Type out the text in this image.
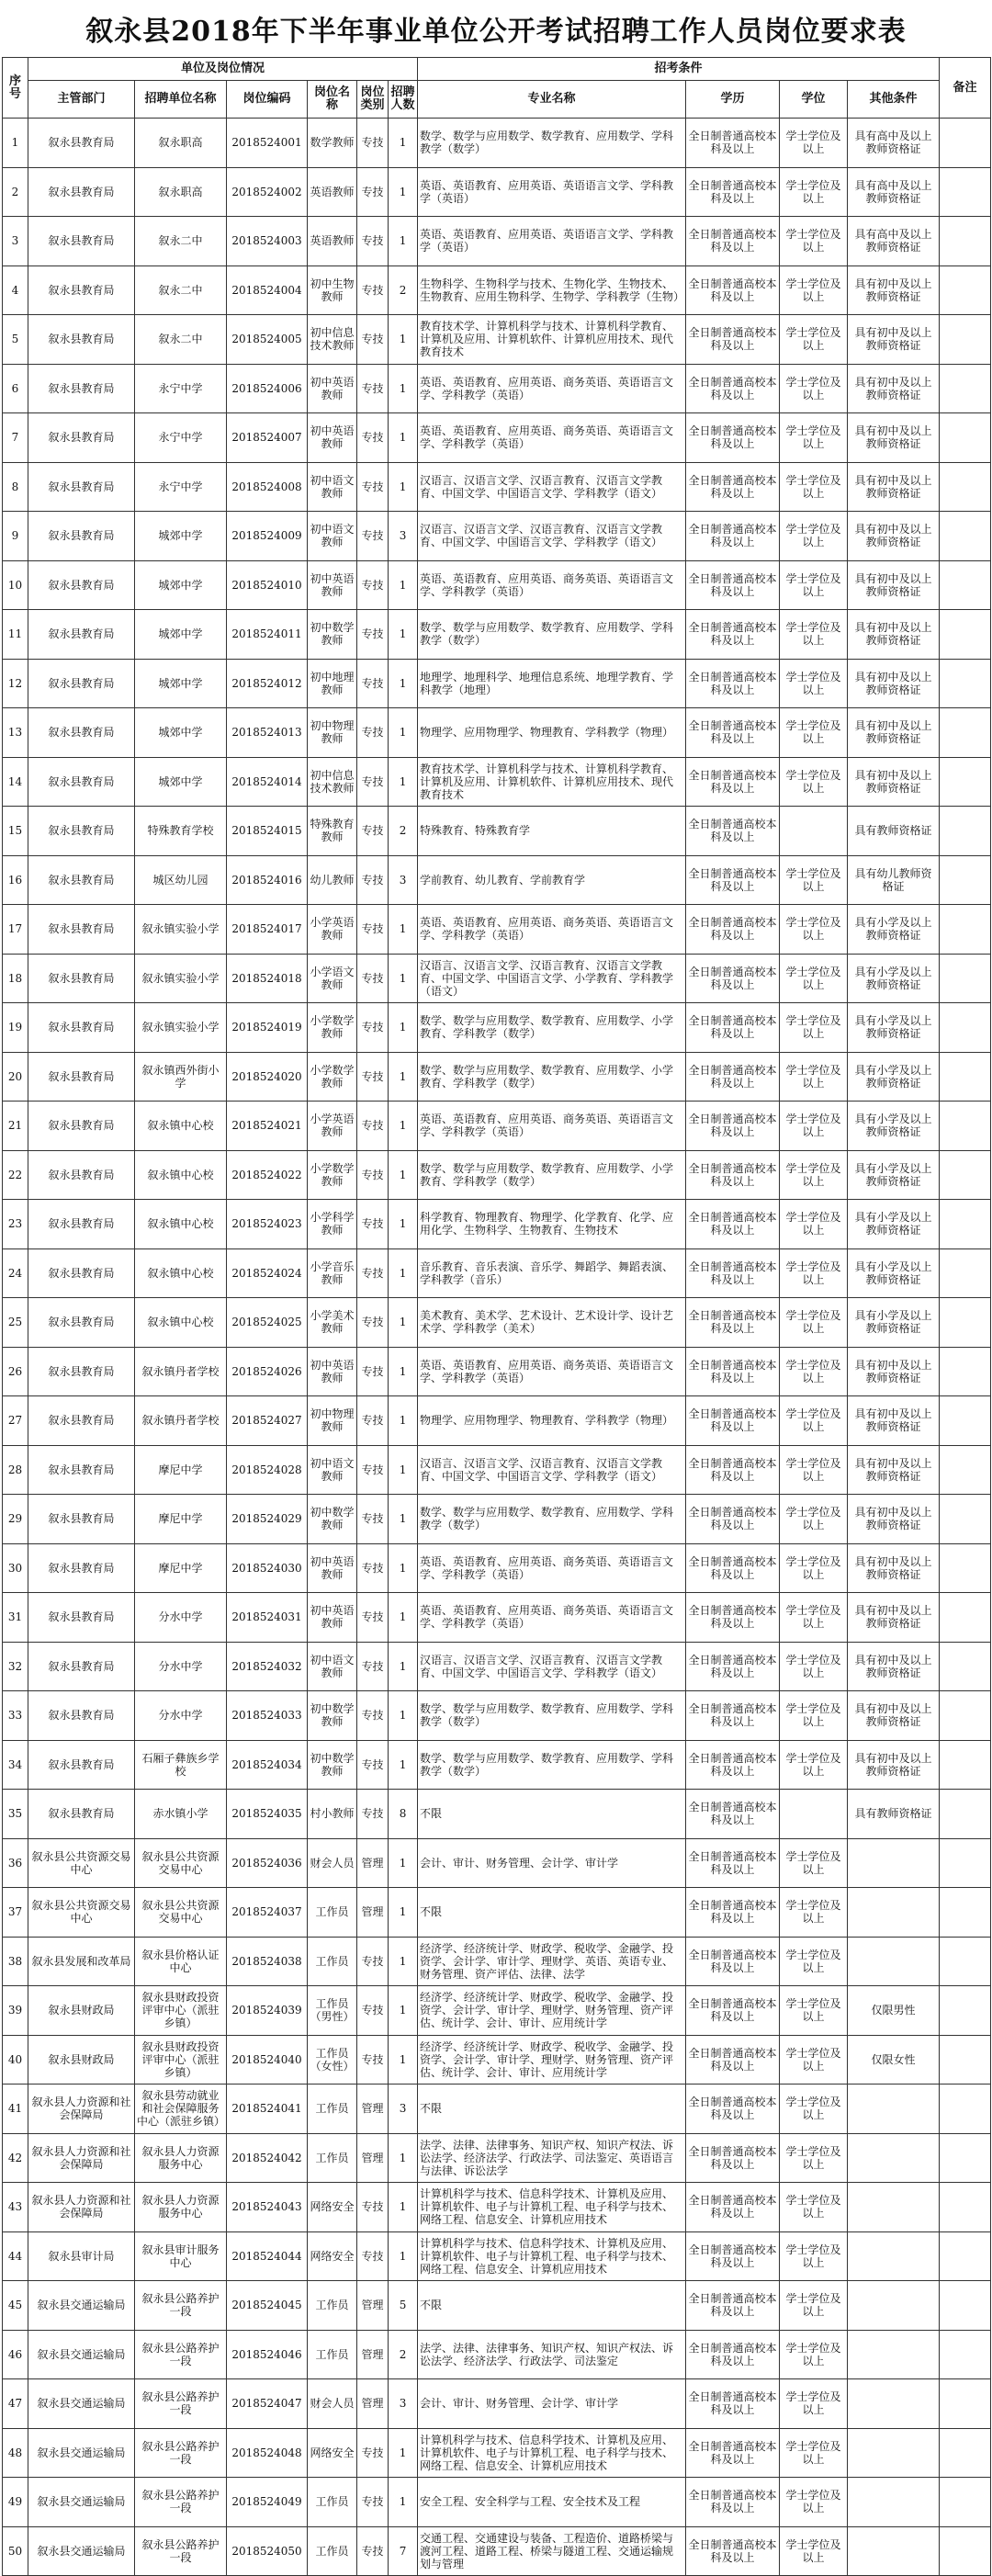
叙永县2018年下半年事业单位公开考试招聘工作人员岗位要求表
序号	单位及岗位情况						招考条件				备注
	主管部门	招聘单位名称	岗位编码	岗位名称	岗位类别	招聘人数	专业名称	学历	学位	其他条件	
1	叙永县教育局	叙永职高	2018524001	数学教师	专技	1	数学、数学与应用数学、数学教育、应用数学、学科教学（数学）	全日制普通高校本科及以上	学士学位及以上	具有高中及以上教师资格证	
2	叙永县教育局	叙永职高	2018524002	英语教师	专技	1	英语、英语教育、应用英语、英语语言文学、学科教学（英语）	全日制普通高校本科及以上	学士学位及以上	具有高中及以上教师资格证	
3	叙永县教育局	叙永二中	2018524003	英语教师	专技	1	英语、英语教育、应用英语、英语语言文学、学科教学（英语）	全日制普通高校本科及以上	学士学位及以上	具有高中及以上教师资格证	
4	叙永县教育局	叙永二中	2018524004	初中生物教师	专技	2	生物科学、生物科学与技术、生物化学、生物技术、生物教育、应用生物科学、生物学、学科教学（生物）	全日制普通高校本科及以上	学士学位及以上	具有初中及以上教师资格证	
5	叙永县教育局	叙永二中	2018524005	初中信息技术教师	专技	1	教育技术学、计算机科学与技术、计算机科学教育、计算机及应用、计算机软件、计算机应用技术、现代教育技术	全日制普通高校本科及以上	学士学位及以上	具有初中及以上教师资格证	
6	叙永县教育局	永宁中学	2018524006	初中英语教师	专技	1	英语、英语教育、应用英语、商务英语、英语语言文学、学科教学（英语）	全日制普通高校本科及以上	学士学位及以上	具有初中及以上教师资格证	
7	叙永县教育局	永宁中学	2018524007	初中英语教师	专技	1	英语、英语教育、应用英语、商务英语、英语语言文学、学科教学（英语）	全日制普通高校本科及以上	学士学位及以上	具有初中及以上教师资格证	
8	叙永县教育局	永宁中学	2018524008	初中语文教师	专技	1	汉语言、汉语言文学、汉语言教育、汉语言文学教育、中国文学、中国语言文学、学科教学（语文）	全日制普通高校本科及以上	学士学位及以上	具有初中及以上教师资格证	
9	叙永县教育局	城郊中学	2018524009	初中语文教师	专技	3	汉语言、汉语言文学、汉语言教育、汉语言文学教育、中国文学、中国语言文学、学科教学（语文）	全日制普通高校本科及以上	学士学位及以上	具有初中及以上教师资格证	
10	叙永县教育局	城郊中学	2018524010	初中英语教师	专技	1	英语、英语教育、应用英语、商务英语、英语语言文学、学科教学（英语）	全日制普通高校本科及以上	学士学位及以上	具有初中及以上教师资格证	
11	叙永县教育局	城郊中学	2018524011	初中数学教师	专技	1	数学、数学与应用数学、数学教育、应用数学、学科教学（数学）	全日制普通高校本科及以上	学士学位及以上	具有初中及以上教师资格证	
12	叙永县教育局	城郊中学	2018524012	初中地理教师	专技	1	地理学、地理科学、地理信息系统、地理学教育、学科教学（地理）	全日制普通高校本科及以上	学士学位及以上	具有初中及以上教师资格证	
13	叙永县教育局	城郊中学	2018524013	初中物理教师	专技	1	物理学、应用物理学、物理教育、学科教学（物理）	全日制普通高校本科及以上	学士学位及以上	具有初中及以上教师资格证	
14	叙永县教育局	城郊中学	2018524014	初中信息技术教师	专技	1	教育技术学、计算机科学与技术、计算机科学教育、计算机及应用、计算机软件、计算机应用技术、现代教育技术	全日制普通高校本科及以上	学士学位及以上	具有初中及以上教师资格证	
15	叙永县教育局	特殊教育学校	2018524015	特殊教育教师	专技	2	特殊教育、特殊教育学	全日制普通高校本科及以上		具有教师资格证	
16	叙永县教育局	城区幼儿园	2018524016	幼儿教师	专技	3	学前教育、幼儿教育、学前教育学	全日制普通高校本科及以上	学士学位及以上	具有幼儿教师资格证	
17	叙永县教育局	叙永镇实验小学	2018524017	小学英语教师	专技	1	英语、英语教育、应用英语、商务英语、英语语言文学、学科教学（英语）	全日制普通高校本科及以上	学士学位及以上	具有小学及以上教师资格证	
18	叙永县教育局	叙永镇实验小学	2018524018	小学语文教师	专技	1	汉语言、汉语言文学、汉语言教育、汉语言文学教育、中国文学、中国语言文学、小学教育、学科教学（语文）	全日制普通高校本科及以上	学士学位及以上	具有小学及以上教师资格证	
19	叙永县教育局	叙永镇实验小学	2018524019	小学数学教师	专技	1	数学、数学与应用数学、数学教育、应用数学、小学教育、学科教学（数学）	全日制普通高校本科及以上	学士学位及以上	具有小学及以上教师资格证	
20	叙永县教育局	叙永镇西外街小学	2018524020	小学数学教师	专技	1	数学、数学与应用数学、数学教育、应用数学、小学教育、学科教学（数学）	全日制普通高校本科及以上	学士学位及以上	具有小学及以上教师资格证	
21	叙永县教育局	叙永镇中心校	2018524021	小学英语教师	专技	1	英语、英语教育、应用英语、商务英语、英语语言文学、学科教学（英语）	全日制普通高校本科及以上	学士学位及以上	具有小学及以上教师资格证	
22	叙永县教育局	叙永镇中心校	2018524022	小学数学教师	专技	1	数学、数学与应用数学、数学教育、应用数学、小学教育、学科教学（数学）	全日制普通高校本科及以上	学士学位及以上	具有小学及以上教师资格证	
23	叙永县教育局	叙永镇中心校	2018524023	小学科学教师	专技	1	科学教育、物理教育、物理学、化学教育、化学、应用化学、生物科学、生物教育、生物技术	全日制普通高校本科及以上	学士学位及以上	具有小学及以上教师资格证	
24	叙永县教育局	叙永镇中心校	2018524024	小学音乐教师	专技	1	音乐教育、音乐表演、音乐学、舞蹈学、舞蹈表演、学科教学（音乐）	全日制普通高校本科及以上	学士学位及以上	具有小学及以上教师资格证	
25	叙永县教育局	叙永镇中心校	2018524025	小学美术教师	专技	1	美术教育、美术学、艺术设计、艺术设计学、设计艺术学、学科教学（美术）	全日制普通高校本科及以上	学士学位及以上	具有小学及以上教师资格证	
26	叙永县教育局	叙永镇丹者学校	2018524026	初中英语教师	专技	1	英语、英语教育、应用英语、商务英语、英语语言文学、学科教学（英语）	全日制普通高校本科及以上	学士学位及以上	具有初中及以上教师资格证	
27	叙永县教育局	叙永镇丹者学校	2018524027	初中物理教师	专技	1	物理学、应用物理学、物理教育、学科教学（物理）	全日制普通高校本科及以上	学士学位及以上	具有初中及以上教师资格证	
28	叙永县教育局	摩尼中学	2018524028	初中语文教师	专技	1	汉语言、汉语言文学、汉语言教育、汉语言文学教育、中国文学、中国语言文学、学科教学（语文）	全日制普通高校本科及以上	学士学位及以上	具有初中及以上教师资格证	
29	叙永县教育局	摩尼中学	2018524029	初中数学教师	专技	1	数学、数学与应用数学、数学教育、应用数学、学科教学（数学）	全日制普通高校本科及以上	学士学位及以上	具有初中及以上教师资格证	
30	叙永县教育局	摩尼中学	2018524030	初中英语教师	专技	1	英语、英语教育、应用英语、商务英语、英语语言文学、学科教学（英语）	全日制普通高校本科及以上	学士学位及以上	具有初中及以上教师资格证	
31	叙永县教育局	分水中学	2018524031	初中英语教师	专技	1	英语、英语教育、应用英语、商务英语、英语语言文学、学科教学（英语）	全日制普通高校本科及以上	学士学位及以上	具有初中及以上教师资格证	
32	叙永县教育局	分水中学	2018524032	初中语文教师	专技	1	汉语言、汉语言文学、汉语言教育、汉语言文学教育、中国文学、中国语言文学、学科教学（语文）	全日制普通高校本科及以上	学士学位及以上	具有初中及以上教师资格证	
33	叙永县教育局	分水中学	2018524033	初中数学教师	专技	1	数学、数学与应用数学、数学教育、应用数学、学科教学（数学）	全日制普通高校本科及以上	学士学位及以上	具有初中及以上教师资格证	
34	叙永县教育局	石厢子彝族乡学校	2018524034	初中数学教师	专技	1	数学、数学与应用数学、数学教育、应用数学、学科教学（数学）	全日制普通高校本科及以上	学士学位及以上	具有初中及以上教师资格证	
35	叙永县教育局	赤水镇小学	2018524035	村小教师	专技	8	不限	全日制普通高校本科及以上		具有教师资格证	
36	叙永县公共资源交易中心	叙永县公共资源交易中心	2018524036	财会人员	管理	1	会计、审计、财务管理、会计学、审计学	全日制普通高校本科及以上	学士学位及以上		
37	叙永县公共资源交易中心	叙永县公共资源交易中心	2018524037	工作员	管理	1	不限	全日制普通高校本科及以上	学士学位及以上		
38	叙永县发展和改革局	叙永县价格认证中心	2018524038	工作员	专技	1	经济学、经济统计学、财政学、税收学、金融学、投资学、会计学、审计学、理财学、英语、英语专业、财务管理、资产评估、法律、法学	全日制普通高校本科及以上	学士学位及以上		
39	叙永县财政局	叙永县财政投资评审中心（派驻乡镇）	2018524039	工作员（男性）	专技	1	经济学、经济统计学、财政学、税收学、金融学、投资学、会计学、审计学、理财学、财务管理、资产评估、统计学、会计、审计、应用统计学	全日制普通高校本科及以上	学士学位及以上	仅限男性	
40	叙永县财政局	叙永县财政投资评审中心（派驻乡镇）	2018524040	工作员（女性）	专技	1	经济学、经济统计学、财政学、税收学、金融学、投资学、会计学、审计学、理财学、财务管理、资产评估、统计学、会计、审计、应用统计学	全日制普通高校本科及以上	学士学位及以上	仅限女性	
41	叙永县人力资源和社会保障局	叙永县劳动就业和社会保障服务中心（派驻乡镇）	2018524041	工作员	管理	3	不限	全日制普通高校本科及以上	学士学位及以上		
42	叙永县人力资源和社会保障局	叙永县人力资源服务中心	2018524042	工作员	管理	1	法学、法律、法律事务、知识产权、知识产权法、诉讼法学、经济法学、行政法学、司法鉴定、英语语言与法律、诉讼法学	全日制普通高校本科及以上	学士学位及以上		
43	叙永县人力资源和社会保障局	叙永县人力资源服务中心	2018524043	网络安全	专技	1	计算机科学与技术、信息科学技术、计算机及应用、计算机软件、电子与计算机工程、电子科学与技术、网络工程、信息安全、计算机应用技术	全日制普通高校本科及以上	学士学位及以上		
44	叙永县审计局	叙永县审计服务中心	2018524044	网络安全	专技	1	计算机科学与技术、信息科学技术、计算机及应用、计算机软件、电子与计算机工程、电子科学与技术、网络工程、信息安全、计算机应用技术	全日制普通高校本科及以上	学士学位及以上		
45	叙永县交通运输局	叙永县公路养护一段	2018524045	工作员	管理	5	不限	全日制普通高校本科及以上	学士学位及以上		
46	叙永县交通运输局	叙永县公路养护一段	2018524046	工作员	管理	2	法学、法律、法律事务、知识产权、知识产权法、诉讼法学、经济法学、行政法学、司法鉴定	全日制普通高校本科及以上	学士学位及以上		
47	叙永县交通运输局	叙永县公路养护一段	2018524047	财会人员	管理	3	会计、审计、财务管理、会计学、审计学	全日制普通高校本科及以上	学士学位及以上		
48	叙永县交通运输局	叙永县公路养护一段	2018524048	网络安全	专技	1	计算机科学与技术、信息科学技术、计算机及应用、计算机软件、电子与计算机工程、电子科学与技术、网络工程、信息安全、计算机应用技术	全日制普通高校本科及以上	学士学位及以上		
49	叙永县交通运输局	叙永县公路养护一段	2018524049	工作员	专技	1	安全工程、安全科学与工程、安全技术及工程	全日制普通高校本科及以上	学士学位及以上		
50	叙永县交通运输局	叙永县公路养护一段	2018524050	工作员	专技	7	交通工程、交通建设与装备、工程造价、道路桥梁与渡河工程、道路工程、桥梁与隧道工程、交通运输规划与管理	全日制普通高校本科及以上	学士学位及以上		
